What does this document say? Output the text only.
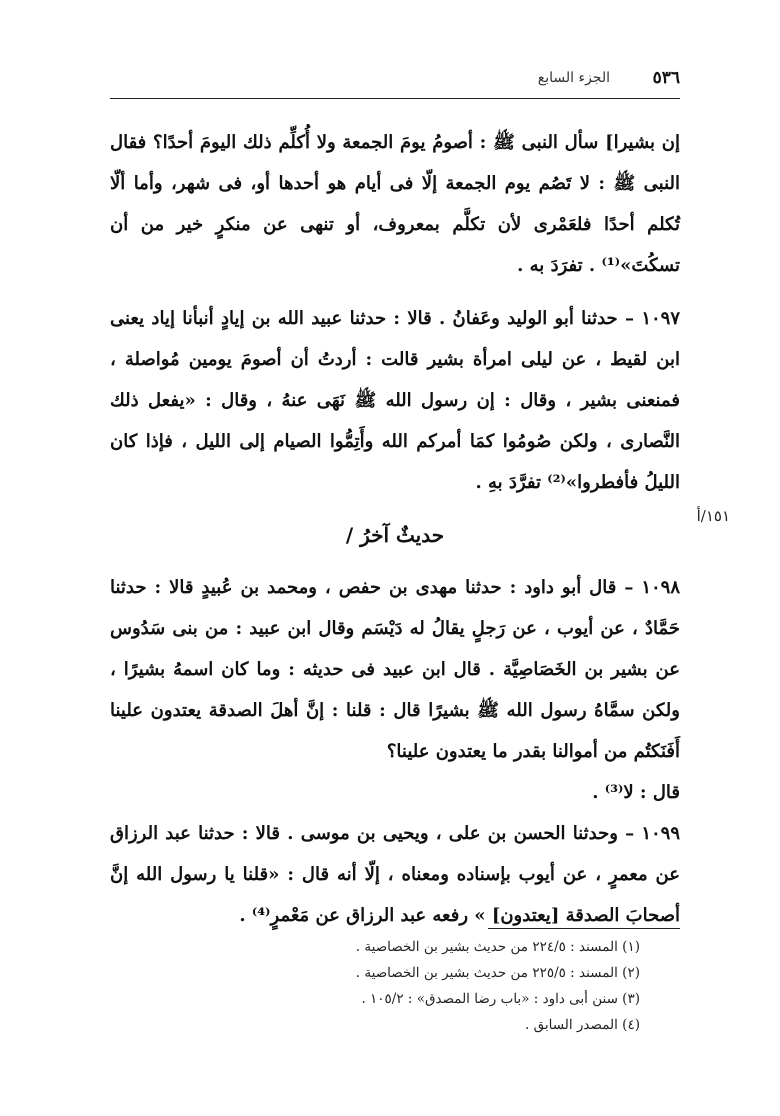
٥٣٦
الجزء السابع

إن بشيرا] سأل النبى ﷺ : أصومُ يومَ الجمعة ولا أُكلِّم ذلك اليومَ أحدًا؟ فقال النبى ﷺ : لا تَصُم يوم الجمعة إلّا فى أيام هو أحدها أو، فى شهر، وأما ألّا تُكلم أحدًا فلعَمْرى لأن تكلَّم بمعروف، أو تنهى عن منكرٍ خير من أن تسكُتَ»⁽¹⁾ . تفرَدَ به .

١٠٩٧ – حدثنا أبو الوليد وعَفانُ . قالا : حدثنا عبيد الله بن إيادٍ أنبأنا إياد يعنى ابن لقيط ، عن ليلى امرأة بشير قالت : أردتُ أن أصومَ يومين مُواصلة ، فمنعنى بشير ، وقال : إن رسول الله ﷺ نَهَى عنهُ ، وقال : «يفعل ذلك النَّصارى ، ولكن صُومُوا كمَا أمركم الله وأَتِمُّوا الصيام إلى الليل ، فإذا كان الليلُ فأفطروا»⁽²⁾ تفرَّدَ بهِ .

حديثٌ آخرُ /

١٠٩٨ – قال أبو داود : حدثنا مهدى بن حفص ، ومحمد بن عُبيدٍ قالا : حدثنا حَمَّادٌ ، عن أيوب ، عن رَجلٍ يقالُ له دَيْسَم وقال ابن عبيد : من بنى سَدُوس عن بشير بن الخَصَاصِيَّة . قال ابن عبيد فى حديثه : وما كان اسمهُ بشيرًا ، ولكن سمَّاهُ رسول الله ﷺ بشيرًا قال : قلنا : إنَّ أهلَ الصدقة يعتدون علينا أَفَنَكتُم من أموالنا بقدر ما يعتدون علينا؟

قال : لا⁽³⁾ .

١٠٩٩ – وحدثنا الحسن بن على ، ويحيى بن موسى . قالا : حدثنا عبد الرزاق عن معمرٍ ، عن أيوب بإسناده ومعناه ، إلّا أنه قال : «قلنا يا رسول الله إنَّ أصحابَ الصدقة [يعتدون] » رفعه عبد الرزاق عن مَعْمرٍ⁽⁴⁾ .

١٥١/أ

(١) المسند : ٢٢٤/٥ من حديث بشير بن الخصاصية .

(٢) المسند : ٢٢٥/٥ من حديث بشير بن الخصاصية .

(٣) سنن أبى داود : «باب رضا المصدق» : ١٠٥/٢ .

(٤) المصدر السابق .
